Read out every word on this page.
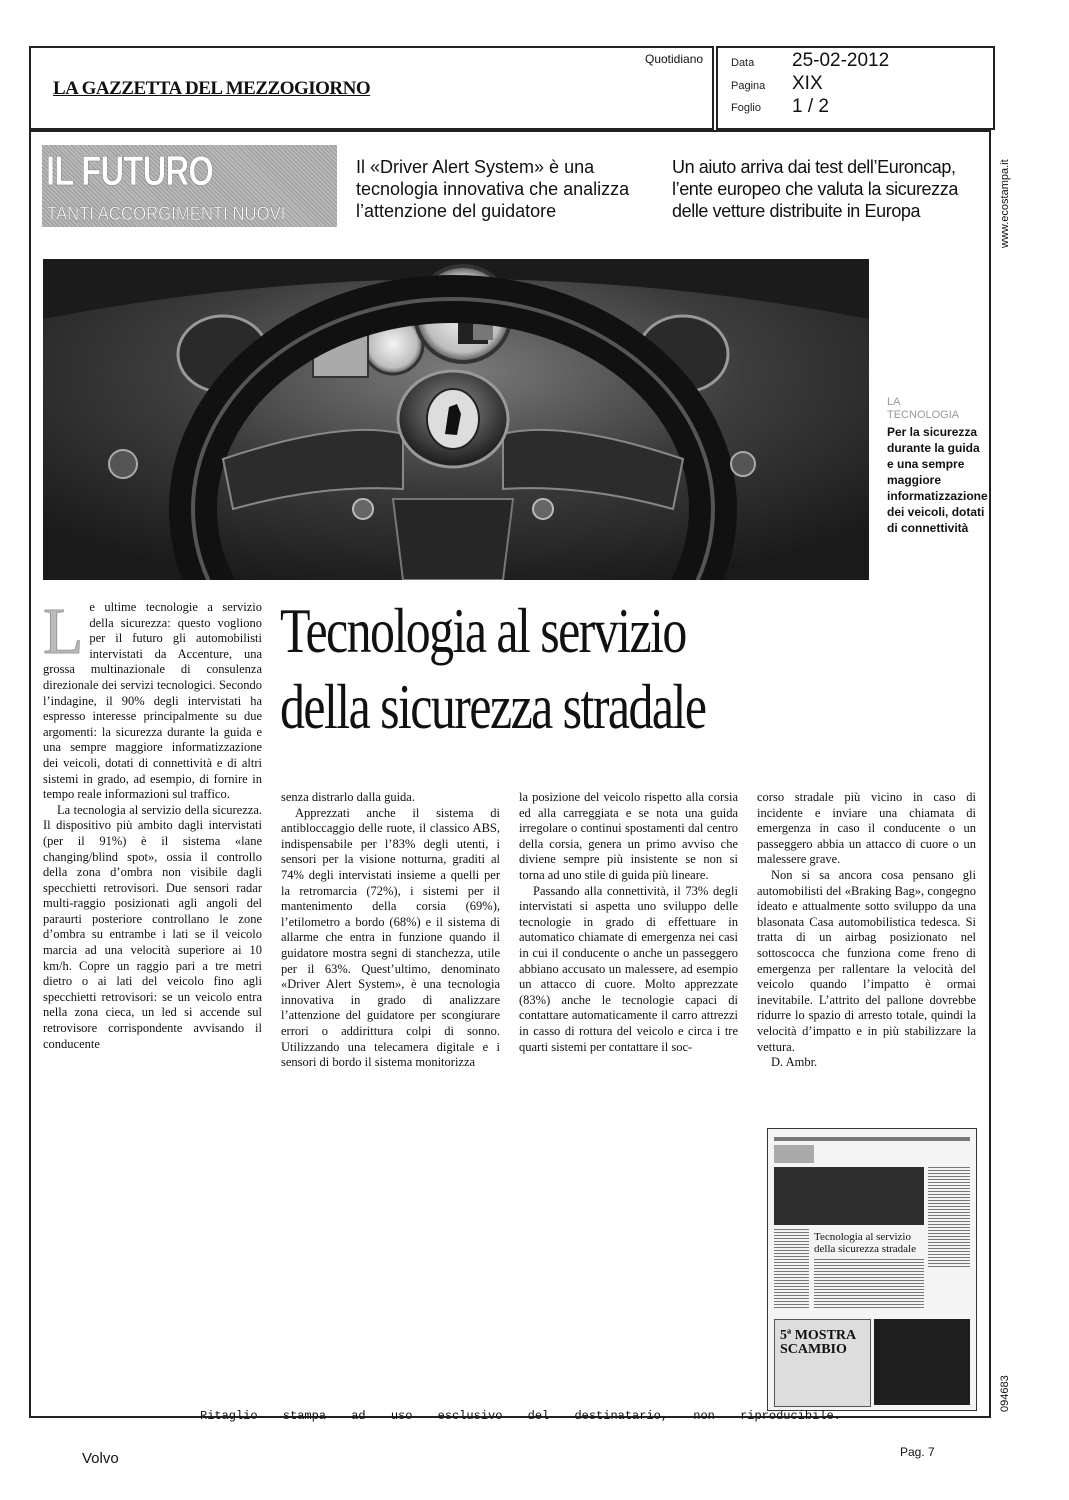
LA GAZZETTA DEL MEZZOGIORNO
Quotidiano	Data 25-02-2012
Pagina XIX
Foglio 1 / 2
www.ecostampa.it
094683
IL FUTURO
TANTI ACCORGIMENTI NUOVI
Il «Driver Alert System» è una tecnologia innovativa che analizza l’attenzione del guidatore
Un aiuto arriva dai test dell’Euroncap, l’ente europeo che valuta la sicurezza delle vetture distribuite in Europa
LA TECNOLOGIA
Per la sicurezza durante la guida e una sempre maggiore informatizzazione dei veicoli, dotati di connettività
Tecnologia al servizio
della sicurezza stradale
L e ultime tecnologie a servizio della sicurezza: questo vogliono per il futuro gli automobilisti intervistati da Accenture, una grossa multinazionale di consulenza direzionale dei servizi tecnologici. Secondo l’indagine, il 90% degli intervistati ha espresso interesse principalmente su due argomenti: la sicurezza durante la guida e una sempre maggiore informatizzazione dei veicoli, dotati di connettività e di altri sistemi in grado, ad esempio, di fornire in tempo reale informazioni sul traffico.

La tecnologia al servizio della sicurezza. Il dispositivo più ambito dagli intervistati (per il 91%) è il sistema «lane changing/blind spot», ossia il controllo della zona d’ombra non visibile dagli specchietti retrovisori. Due sensori radar multi-raggio posizionati agli angoli del paraurti posteriore controllano le zone d’ombra su entrambe i lati se il veicolo marcia ad una velocità superiore ai 10 km/h. Copre un raggio pari a tre metri dietro o ai lati del veicolo fino agli specchietti retrovisori: se un veicolo entra nella zona cieca, un led si accende sul retrovisore corrispondente avvisando il conducente

senza distrarlo dalla guida.

Apprezzati anche il sistema di antibloccaggio delle ruote, il classico ABS, indispensabile per l’83% degli utenti, i sensori per la visione notturna, graditi al 74% degli intervistati insieme a quelli per la retromarcia (72%), i sistemi per il mantenimento della corsia (69%), l’etilometro a bordo (68%) e il sistema di allarme che entra in funzione quando il guidatore mostra segni di stanchezza, utile per il 63%. Quest’ultimo, denominato «Driver Alert System», è una tecnologia innovativa in grado di analizzare l’attenzione del guidatore per scongiurare errori o addirittura colpi di sonno. Utilizzando una telecamera digitale e i sensori di bordo il sistema monitorizza

la posizione del veicolo rispetto alla corsia ed alla carreggiata e se nota una guida irregolare o continui spostamenti dal centro della corsia, genera un primo avviso che diviene sempre più insistente se non si torna ad uno stile di guida più lineare.

Passando alla connettività, il 73% degli intervistati si aspetta uno sviluppo delle tecnologie in grado di effettuare in automatico chiamate di emergenza nei casi in cui il conducente o anche un passeggero abbiano accusato un malessere, ad esempio un attacco di cuore. Molto apprezzate (83%) anche le tecnologie capaci di contattare automaticamente il carro attrezzi in casso di rottura del veicolo e circa i tre quarti sistemi per contattare il soc-

corso stradale più vicino in caso di incidente e inviare una chiamata di emergenza in caso il conducente o un passeggero abbia un attacco di cuore o un malessere grave.

Non si sa ancora cosa pensano gli automobilisti del «Braking Bag», congegno ideato e attualmente sotto sviluppo da una blasonata Casa automobilistica tedesca. Si tratta di un airbag posizionato nel sottoscocca che funziona come freno di emergenza per rallentare la velocità del veicolo quando l’impatto è ormai inevitabile. L’attrito del pallone dovrebbe ridurre lo spazio di arresto totale, quindi la velocità d’impatto e in più stabilizzare la vettura.

D. Ambr.

Tecnologia al servizio
della sicurezza stradale
5ª MOSTRA SCAMBIO
Ritaglio stampa ad uso esclusivo del destinatario, non riproducibile.
Volvo	Pag. 7
